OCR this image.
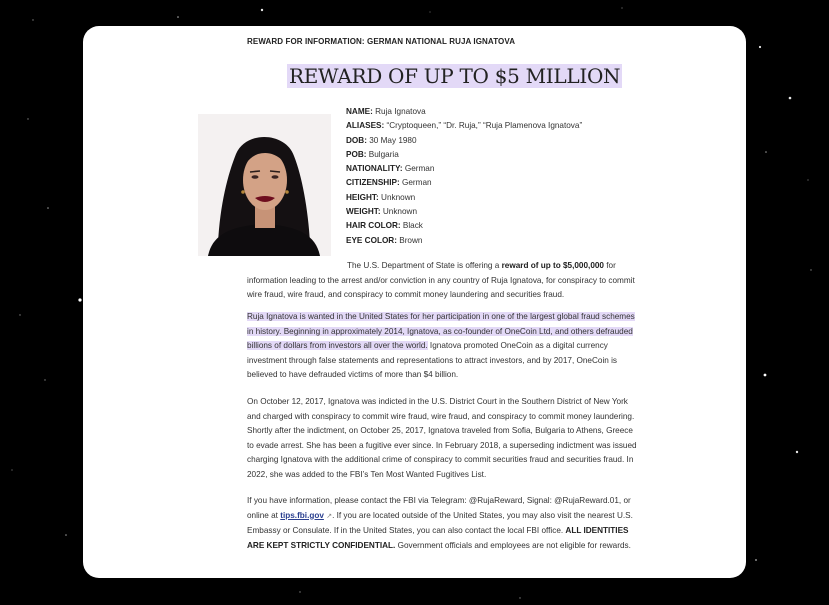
REWARD FOR INFORMATION: GERMAN NATIONAL RUJA IGNATOVA
REWARD OF UP TO $5 MILLION
NAME: Ruja Ignatova
ALIASES: “Cryptoqueen,” “Dr. Ruja,” “Ruja Plamenova Ignatova”
DOB: 30 May 1980
POB: Bulgaria
NATIONALITY: German
CITIZENSHIP: German
HEIGHT: Unknown
WEIGHT: Unknown
HAIR COLOR: Black
EYE COLOR: Brown

The U.S. Department of State is offering a reward of up to $5,000,000 for information leading to the arrest and/or conviction in any country of Ruja Ignatova, for conspiracy to commit wire fraud, wire fraud, and conspiracy to commit money laundering and securities fraud.

Ruja Ignatova is wanted in the United States for her participation in one of the largest global fraud schemes in history. Beginning in approximately 2014, Ignatova, as co-founder of OneCoin Ltd, and others defrauded billions of dollars from investors all over the world. Ignatova promoted OneCoin as a digital currency investment through false statements and representations to attract investors, and by 2017, OneCoin is believed to have defrauded victims of more than $4 billion.

On October 12, 2017, Ignatova was indicted in the U.S. District Court in the Southern District of New York and charged with conspiracy to commit wire fraud, wire fraud, and conspiracy to commit money laundering. Shortly after the indictment, on October 25, 2017, Ignatova traveled from Sofia, Bulgaria to Athens, Greece to evade arrest. She has been a fugitive ever since. In February 2018, a superseding indictment was issued charging Ignatova with the additional crime of conspiracy to commit securities fraud and securities fraud. In 2022, she was added to the FBI’s Ten Most Wanted Fugitives List.

If you have information, please contact the FBI via Telegram: @RujaReward, Signal: @RujaReward.01, or online at tips.fbi.gov ↗. If you are located outside of the United States, you may also visit the nearest U.S. Embassy or Consulate. If in the United States, you can also contact the local FBI office. ALL IDENTITIES ARE KEPT STRICTLY CONFIDENTIAL. Government officials and employees are not eligible for rewards.
